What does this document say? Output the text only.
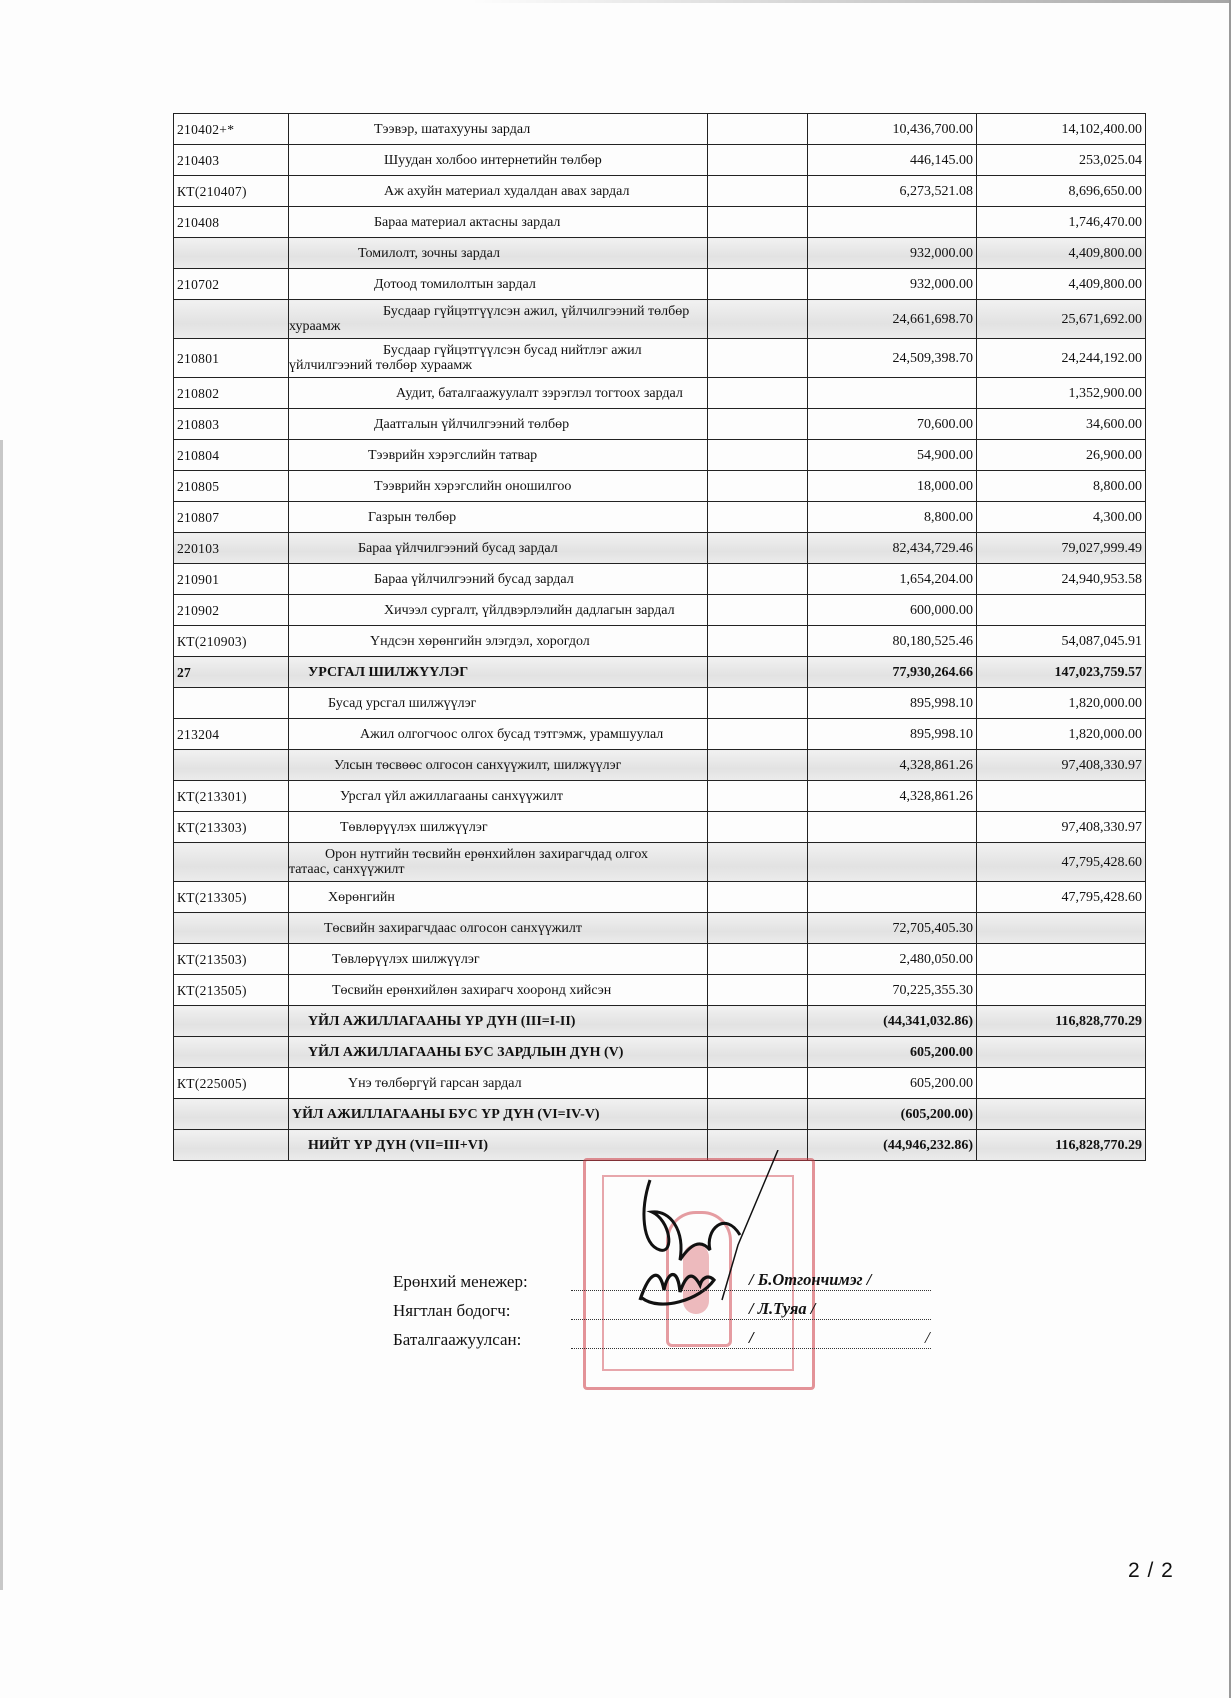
210402+*	Тээвэр, шатахууны зардал		10,436,700.00	14,102,400.00
210403	Шуудан холбоо интернетийн төлбөр		446,145.00	253,025.04
КТ(210407)	Аж ахуйн материал худалдан авах зардал		6,273,521.08	8,696,650.00
210408	Бараа материал актасны зардал			1,746,470.00

	Томилолт, зочны зардал		932,000.00	4,409,800.00
210702	Дотоод томилолтын зардал		932,000.00	4,409,800.00

	Бусдаар гүйцэтгүүлсэн ажил, үйлчилгээний төлбөр
хураамж		24,661,698.70	25,671,692.00
210801	Бусдаар гүйцэтгүүлсэн бусад нийтлэг ажил
үйлчилгээний төлбөр хураамж		24,509,398.70	24,244,192.00
210802	Аудит, баталгаажуулалт зэрэглэл тогтоох зардал			1,352,900.00
210803	Даатгалын үйлчилгээний төлбөр		70,600.00	34,600.00
210804	Тээврийн хэрэгслийн татвар		54,900.00	26,900.00
210805	Тээврийн хэрэгслийн оношилгоо		18,000.00	8,800.00
210807	Газрын төлбөр		8,800.00	4,300.00
220103	Бараа үйлчилгээний бусад зардал		82,434,729.46	79,027,999.49
210901	Бараа үйлчилгээний бусад зардал		1,654,204.00	24,940,953.58
210902	Хичээл сургалт, үйлдвэрлэлийн дадлагын зардал		600,000.00	
КТ(210903)	Үндсэн хөрөнгийн элэгдэл, хорогдол		80,180,525.46	54,087,045.91
27	УРСГАЛ ШИЛЖҮҮЛЭГ		77,930,264.66	147,023,759.57

	Бусад урсгал шилжүүлэг		895,998.10	1,820,000.00
213204	Ажил олгогчоос олгох бусад тэтгэмж, урамшуулал		895,998.10	1,820,000.00

	Улсын төсвөөс олгосон санхүүжилт, шилжүүлэг		4,328,861.26	97,408,330.97
КТ(213301)	Урсгал үйл ажиллагааны санхүүжилт		4,328,861.26	
КТ(213303)	Төвлөрүүлэх шилжүүлэг			97,408,330.97

	Орон нутгийн төсвийн ерөнхийлөн захирагчдад олгох
татаас, санхүүжилт			47,795,428.60
КТ(213305)	Хөрөнгийн			47,795,428.60

	Төсвийн захирагчдаас олгосон санхүүжилт		72,705,405.30	
КТ(213503)	Төвлөрүүлэх шилжүүлэг		2,480,050.00	
КТ(213505)	Төсвийн ерөнхийлөн захирагч хооронд хийсэн		70,225,355.30	

	ҮЙЛ АЖИЛЛАГААНЫ ҮР ДҮН (III=I-II)		(44,341,032.86)	116,828,770.29

	ҮЙЛ АЖИЛЛАГААНЫ БУС ЗАРДЛЫН ДҮН (V)		605,200.00	
КТ(225005)	Үнэ төлбөргүй гарсан зардал		605,200.00	

	ҮЙЛ АЖИЛЛАГААНЫ БУС ҮР ДҮН (VI=IV-V)		(605,200.00)	

	НИЙТ ҮР ДҮН (VII=III+VI)		(44,946,232.86)	116,828,770.29
Ерөнхий менежер:	/ Б.Отгончимэг /
Нягтлан бодогч:	/ Л.Туяа /
Баталгаажуулсан:	/	/
2 / 2
